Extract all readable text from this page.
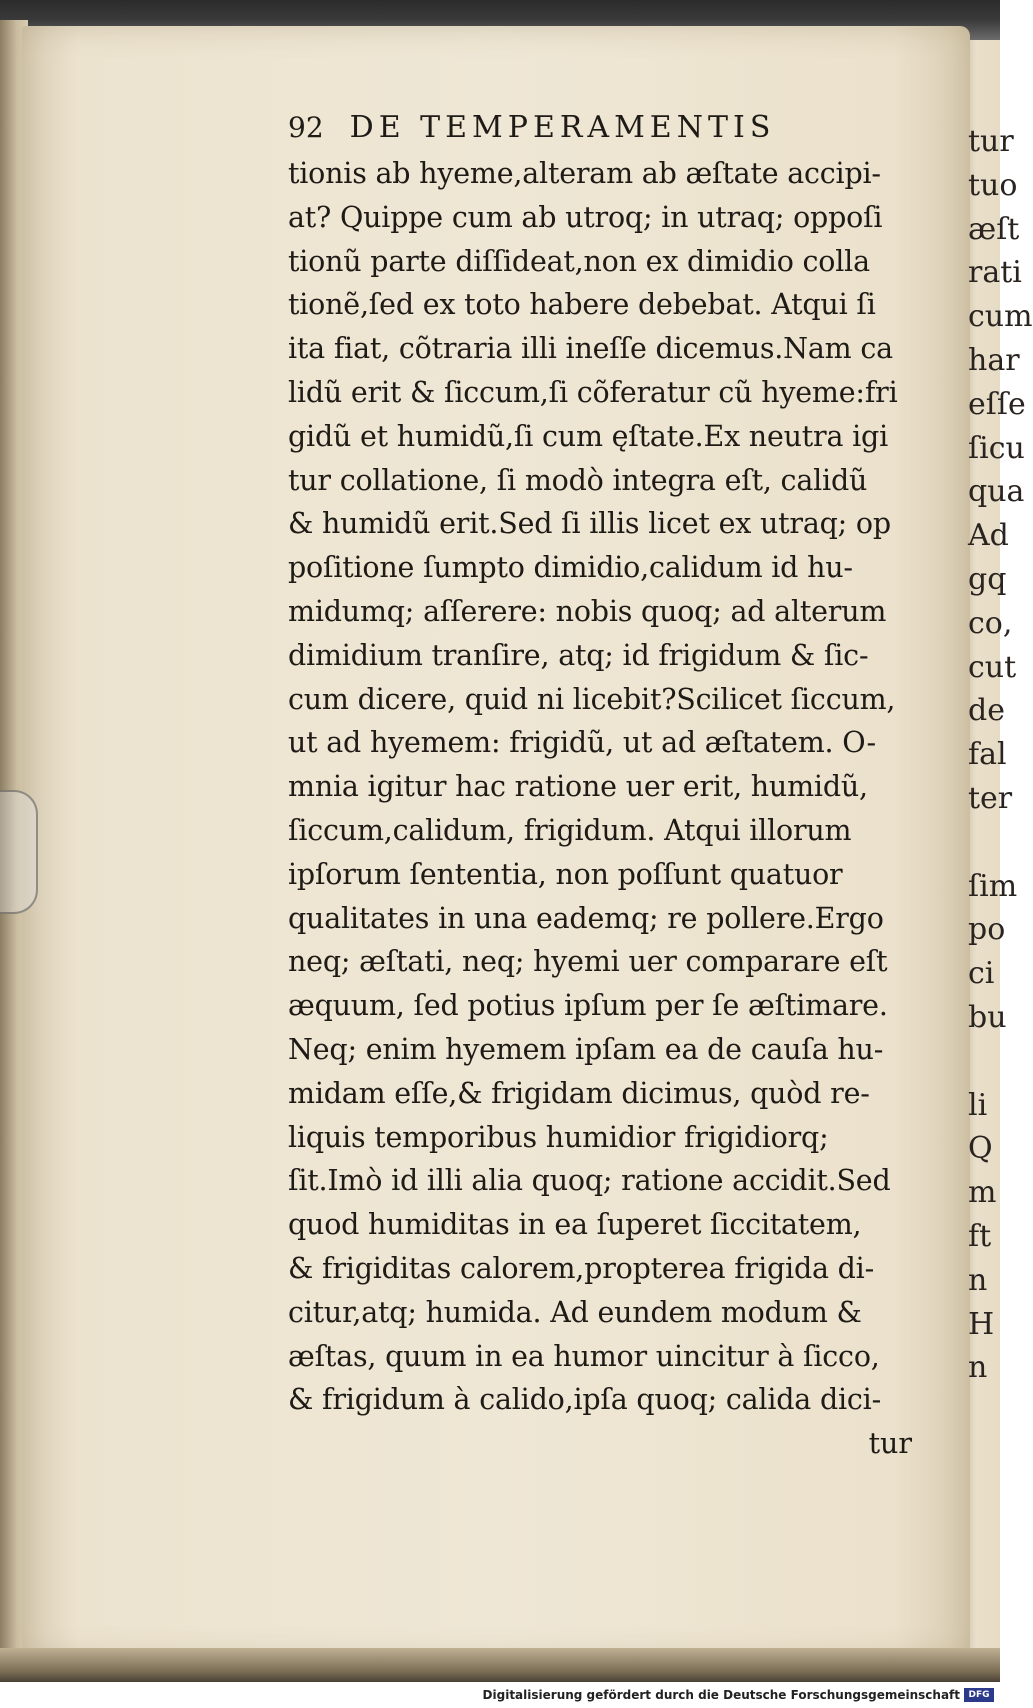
tur
tuo
æſt
rati
cum
har
eſſe
ſicu
qua
Ad
gq
co,
cut
de
fal
ter
ſim
po
ci
bu
li
Q
m
ft
n
H
n
92 DE TEMPERAMENTIS
tionis ab hyeme,alteram ab æſtate accipi-
at? Quippe cum ab utroq; in utraq; oppoſi
tionũ parte diſſideat,non ex dimidio colla
tionẽ,ſed ex toto habere debebat. Atqui ſi
ita fiat, cõtraria illi ineſſe dicemus.Nam ca
lidũ erit & ſiccum,ſi cõferatur cũ hyeme:fri
gidũ et humidũ,ſi cum ęſtate.Ex neutra igi
tur collatione, ſi modò integra eſt, calidũ
& humidũ erit.Sed ſi illis licet ex utraq; op
poſitione ſumpto dimidio,calidum id hu-
midumq; aſſerere: nobis quoq; ad alterum
dimidium tranſire, atq; id frigidum & ſic-
cum dicere, quid ni licebit?Scilicet ſiccum,
ut ad hyemem: frigidũ, ut ad æſtatem. O-
mnia igitur hac ratione uer erit, humidũ,
ſiccum,calidum, frigidum. Atqui illorum
ipſorum ſententia, non poſſunt quatuor
qualitates in una eademq; re pollere.Ergo
neq; æſtati, neq; hyemi uer comparare eſt
æquum, ſed potius ipſum per ſe æſtimare.
Neq; enim hyemem ipſam ea de cauſa hu-
midam eſſe,& frigidam dicimus, quòd re-
liquis temporibus humidior frigidiorq;
ſit.Imò id illi alia quoq; ratione accidit.Sed
quod humiditas in ea ſuperet ſiccitatem,
& frigiditas calorem,propterea frigida di-
citur,atq; humida. Ad eundem modum &
æſtas, quum in ea humor uincitur à ſicco,
& frigidum à calido,ipſa quoq; calida dici-
tur
Digitalisierung gefördert durch die Deutsche Forschungsgemeinschaft DFG
